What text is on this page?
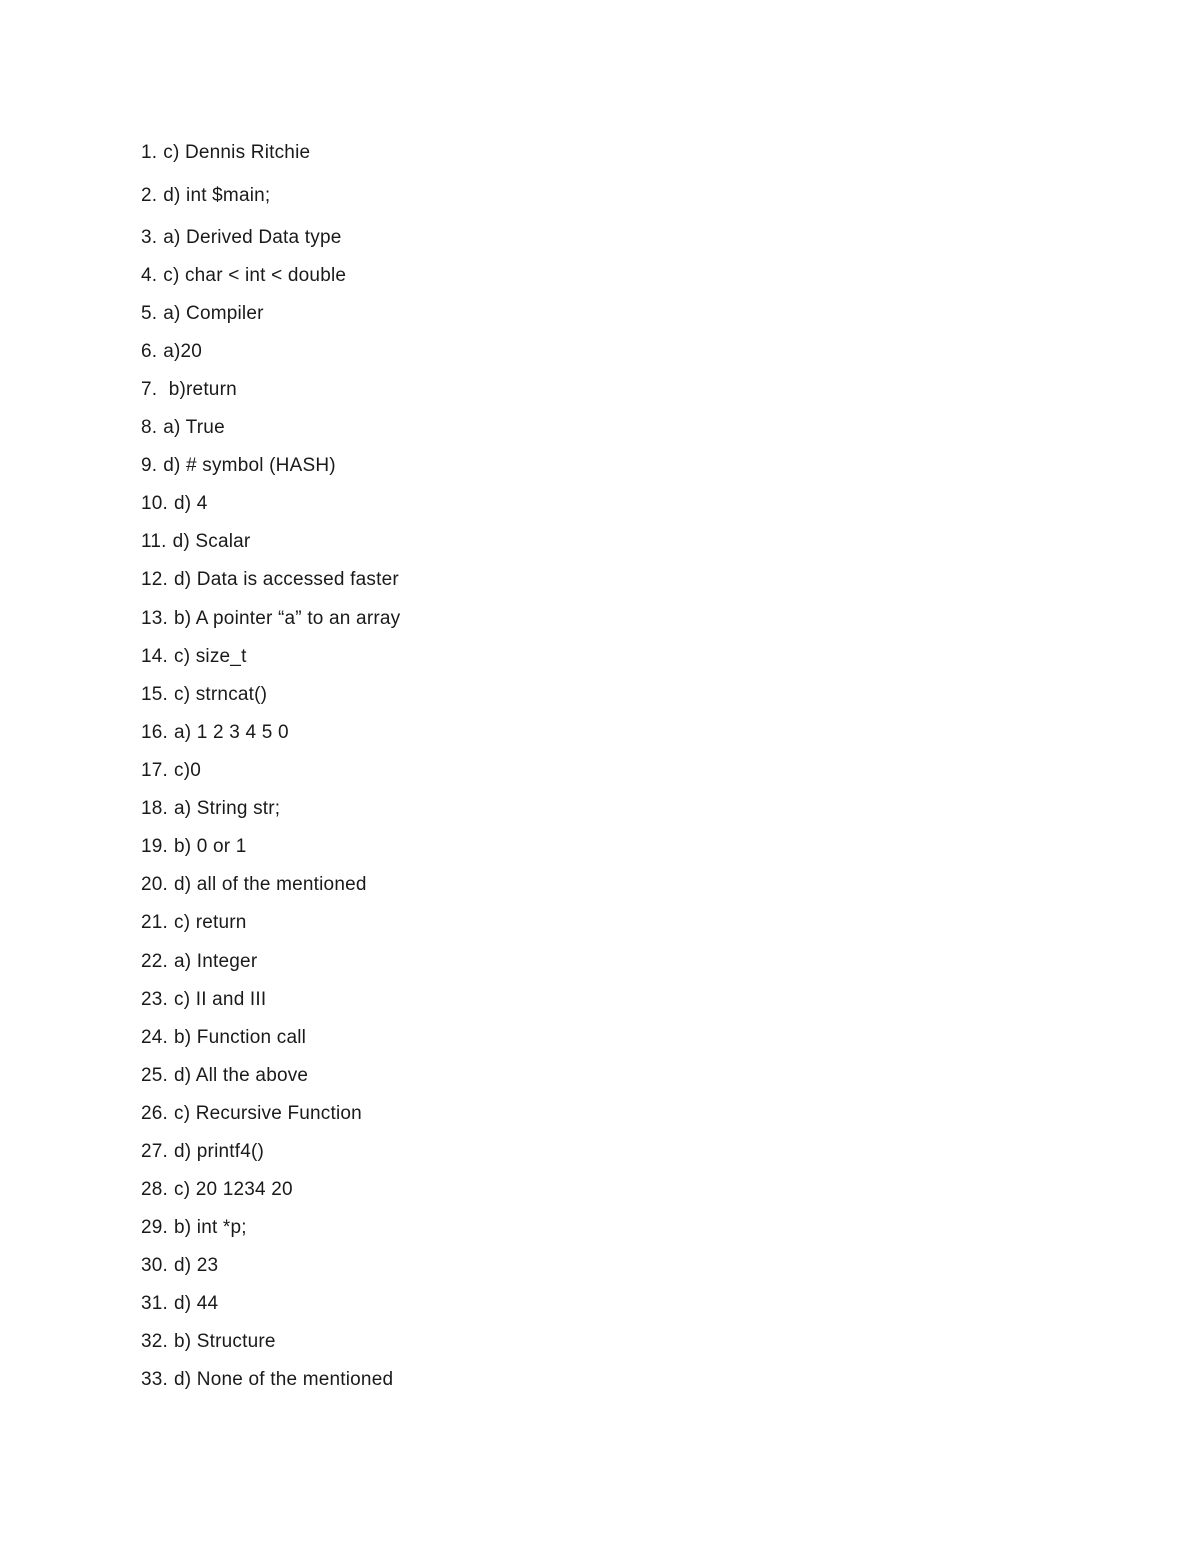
1. c) Dennis Ritchie
2. d) int $main;
3. a) Derived Data type
4. c) char < int < double
5. a) Compiler
6. a)20
7. b)return
8. a) True
9. d) # symbol (HASH)
10. d) 4
11. d) Scalar
12. d) Data is accessed faster
13. b) A pointer “a” to an array
14. c) size_t
15. c) strncat()
16. a) 1 2 3 4 5 0
17. c)0
18. a) String str;
19. b) 0 or 1
20. d) all of the mentioned
21. c) return
22. a) Integer
23. c) II and III
24. b) Function call
25. d) All the above
26. c) Recursive Function
27. d) printf4()
28. c) 20 1234 20
29. b) int *p;
30. d) 23
31. d) 44
32. b) Structure
33. d) None of the mentioned
